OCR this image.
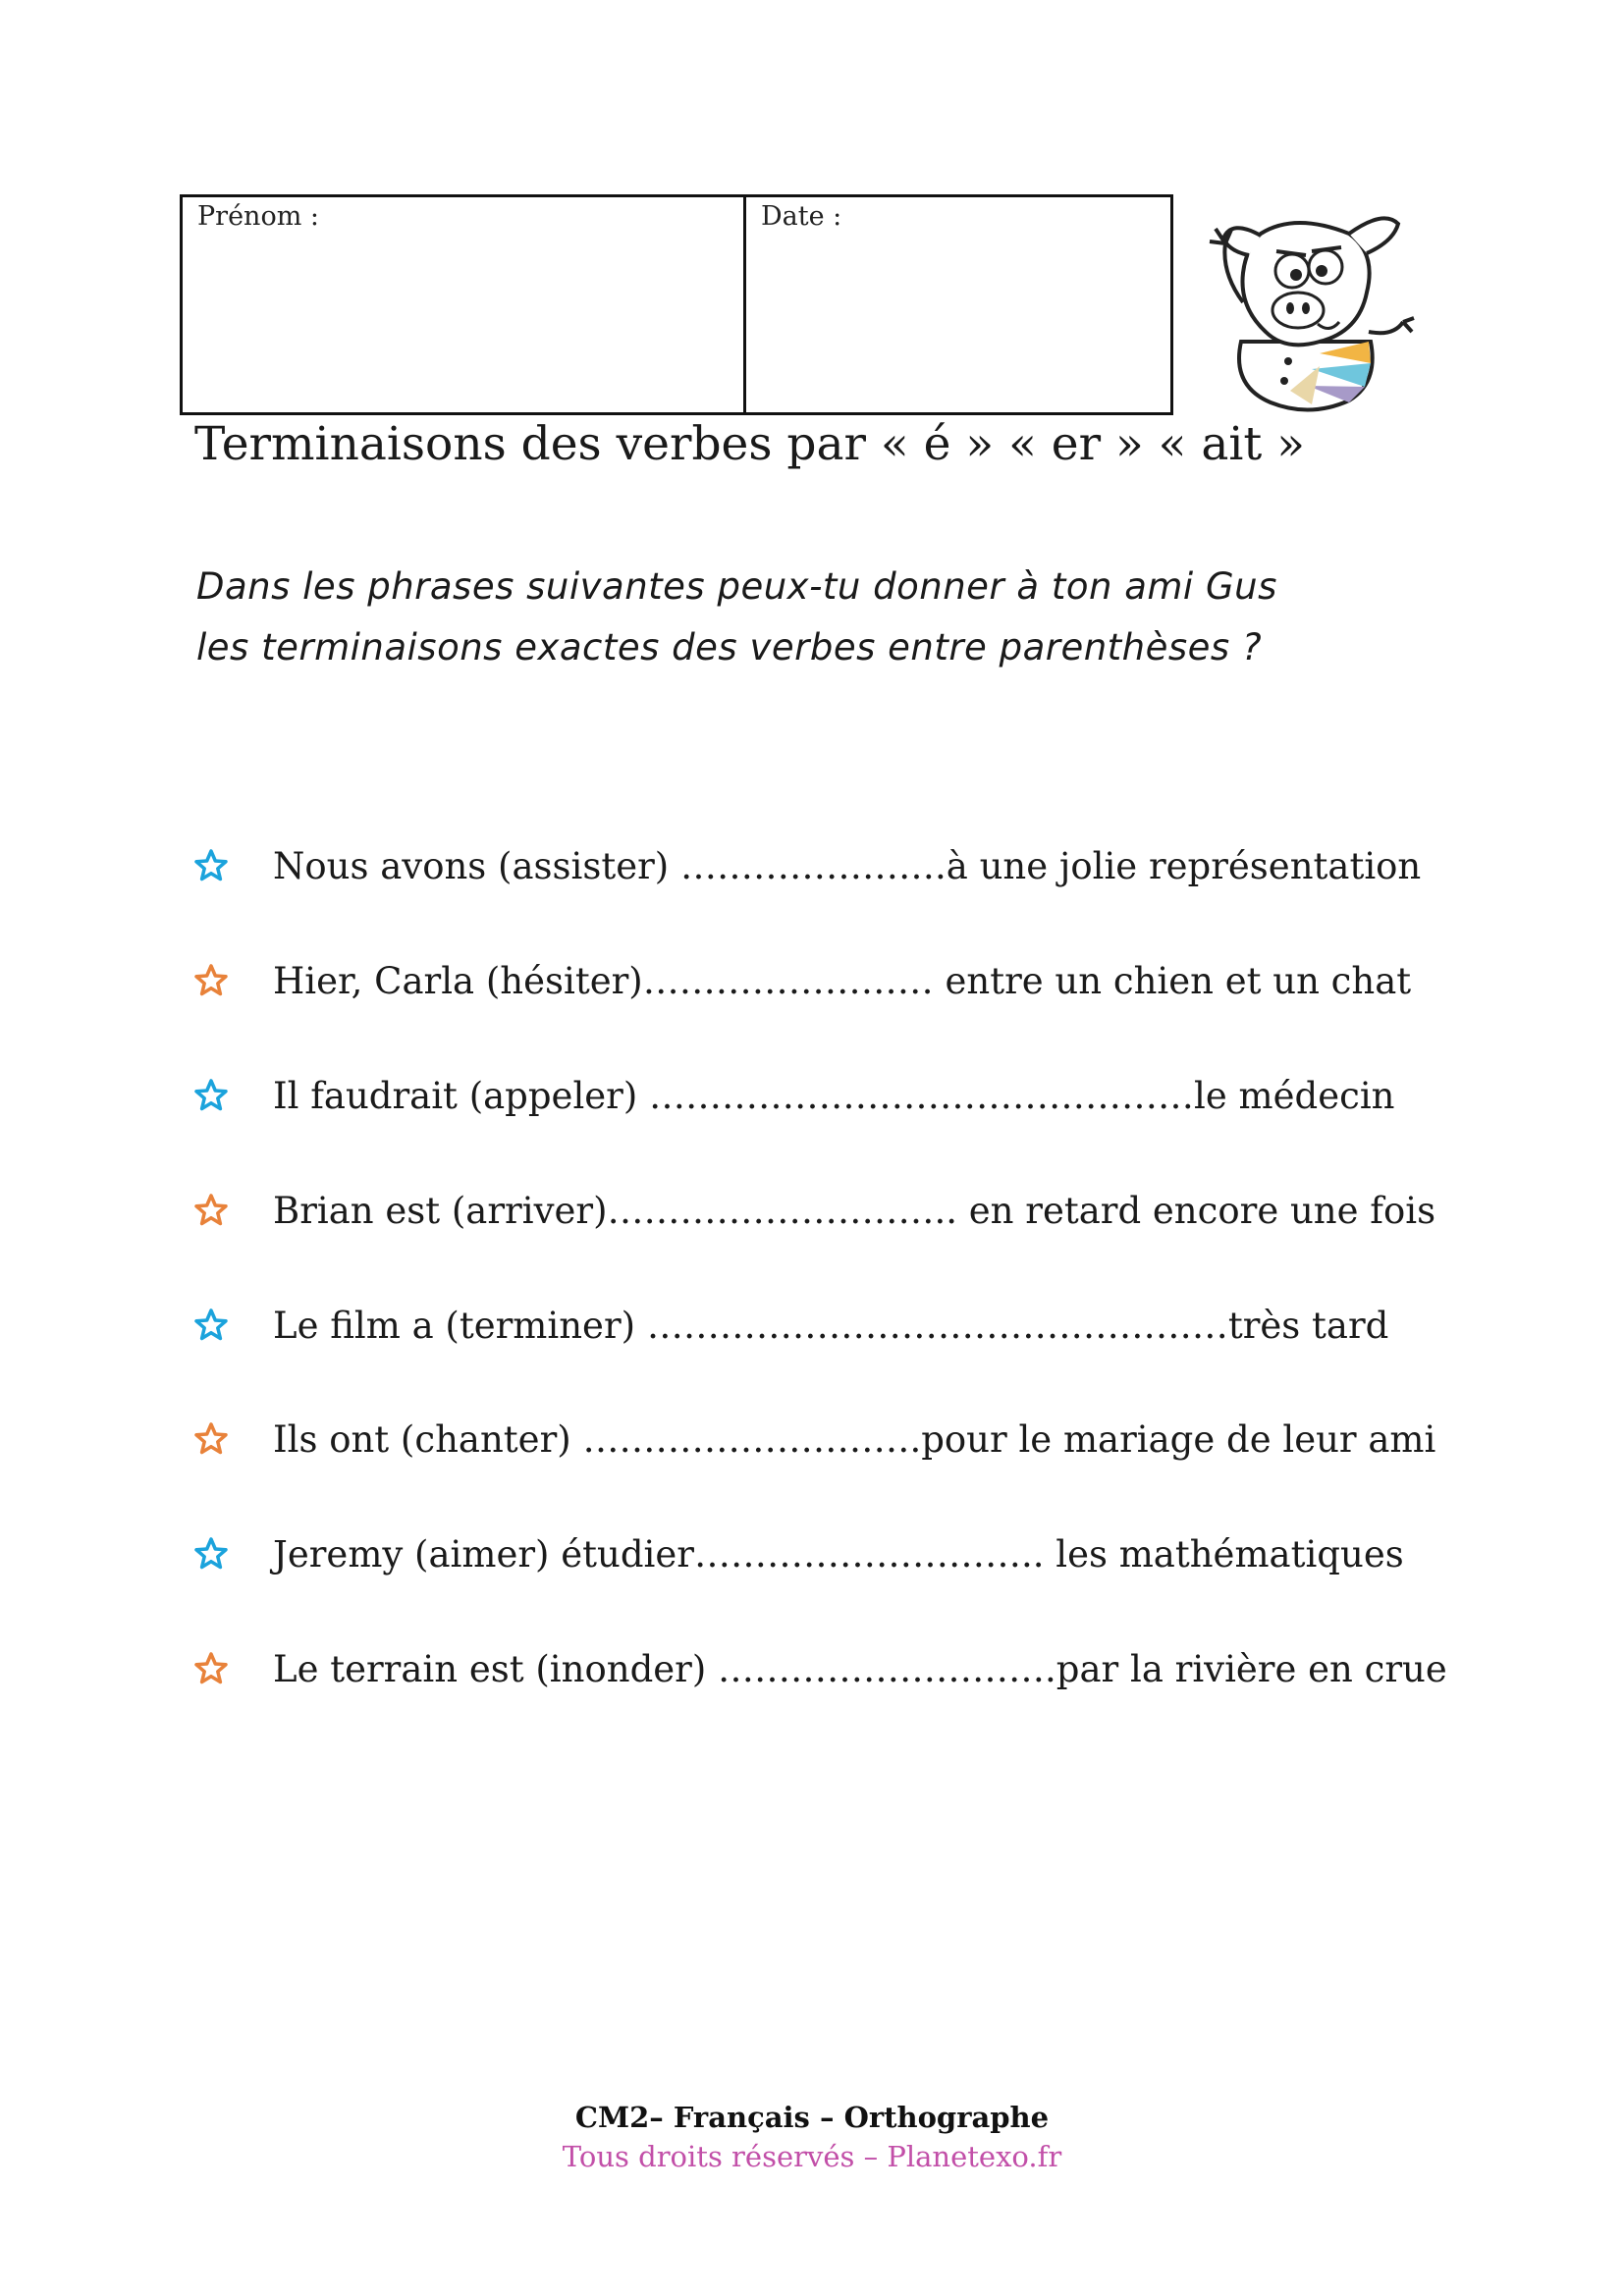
Prénom :	Date :
Terminaisons des verbes par « é » « er » « ait »
Dans les phrases suivantes peux-tu donner à ton ami Gus
les terminaisons exactes des verbes entre parenthèses ?
Nous avons (assister) ………………….à une jolie représentation
Hier, Carla (hésiter)…………………… entre un chien et un chat
Il faudrait (appeler) ………………………………………le médecin
Brian est (arriver)……………………….. en retard encore une fois
Le film a (terminer) …………………………………………très tard
Ils ont (chanter) ……………………….pour le mariage de leur ami
Jeremy (aimer) étudier……………………….. les mathématiques
Le terrain est (inonder) ……………………….par la rivière en crue
CM2– Français – Orthographe
Tous droits réservés – Planetexo.fr
